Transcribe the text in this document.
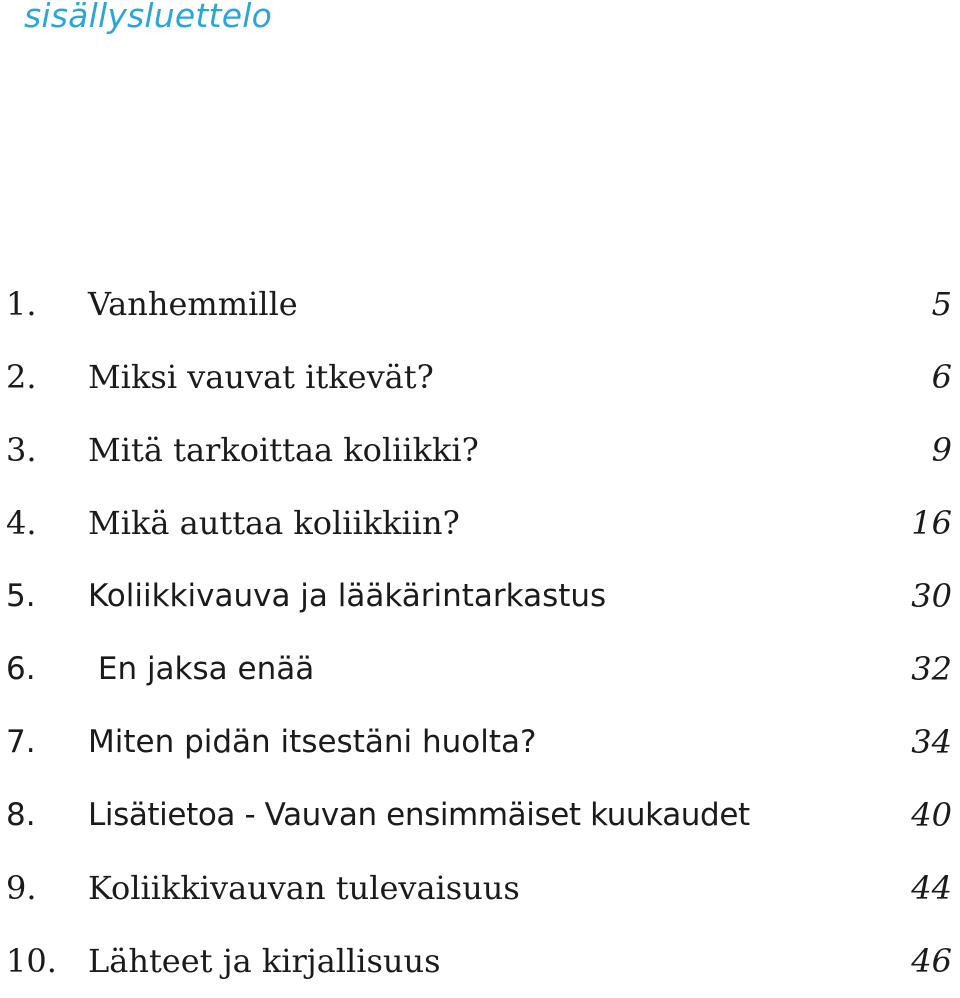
sisällysluettelo
1. Vanhemmille	5
2. Miksi vauvat itkevät?	6
3. Mitä tarkoittaa koliikki?	9
4. Mikä auttaa koliikkiin?	16
5. Koliikkivauva ja lääkärintarkastus	30
6. En jaksa enää	32
7. Miten pidän itsestäni huolta?	34
8. Lisätietoa - Vauvan ensimmäiset kuukaudet	40
9. Koliikkivauvan tulevaisuus	44
10. Lähteet ja kirjallisuus	46
